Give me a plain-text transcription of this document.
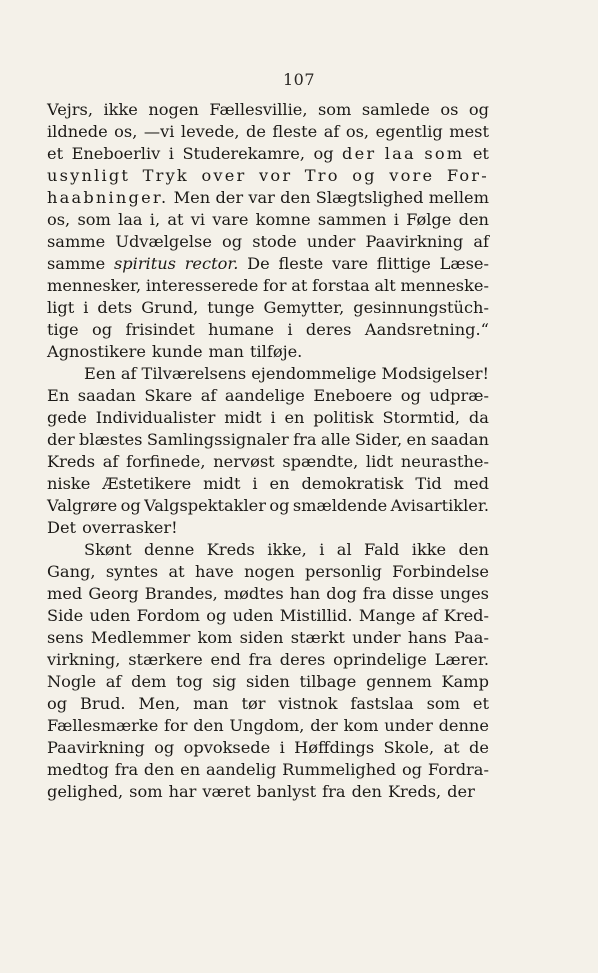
107
Vejrs, ikke nogen Fællesvillie, som samlede os og
ildnede os, —vi levede, de fleste af os, egentlig mest
et Eneboerliv i Studerekamre, og der laa som et
usynligt Tryk over vor Tro og vore For-
haabninger. Men der var den Slægtslighed mellem
os, som laa i, at vi vare komne sammen i Følge den
samme Udvælgelse og stode under Paavirkning af
samme spiritus rector. De fleste vare flittige Læse-
mennesker, interesserede for at forstaa alt menneske-
ligt i dets Grund, tunge Gemytter, gesinnungstüch-
tige og frisindet humane i deres Aandsretning.“
Agnostikere kunde man tilføje.
Een af Tilværelsens ejendommelige Modsigelser!
En saadan Skare af aandelige Eneboere og udpræ-
gede Individualister midt i en politisk Stormtid, da
der blæstes Samlingssignaler fra alle Sider, en saadan
Kreds af forfinede, nervøst spændte, lidt neurasthe-
niske Æstetikere midt i en demokratisk Tid med
Valgrøre og Valgspektakler og smældende Avisartikler.
Det overrasker!
Skønt denne Kreds ikke, i al Fald ikke den
Gang, syntes at have nogen personlig Forbindelse
med Georg Brandes, mødtes han dog fra disse unges
Side uden Fordom og uden Mistillid. Mange af Kred-
sens Medlemmer kom siden stærkt under hans Paa-
virkning, stærkere end fra deres oprindelige Lærer.
Nogle af dem tog sig siden tilbage gennem Kamp
og Brud. Men, man tør vistnok fastslaa som et
Fællesmærke for den Ungdom, der kom under denne
Paavirkning og opvoksede i Høffdings Skole, at de
medtog fra den en aandelig Rummelighed og Fordra-
gelighed, som har været banlyst fra den Kreds, der
